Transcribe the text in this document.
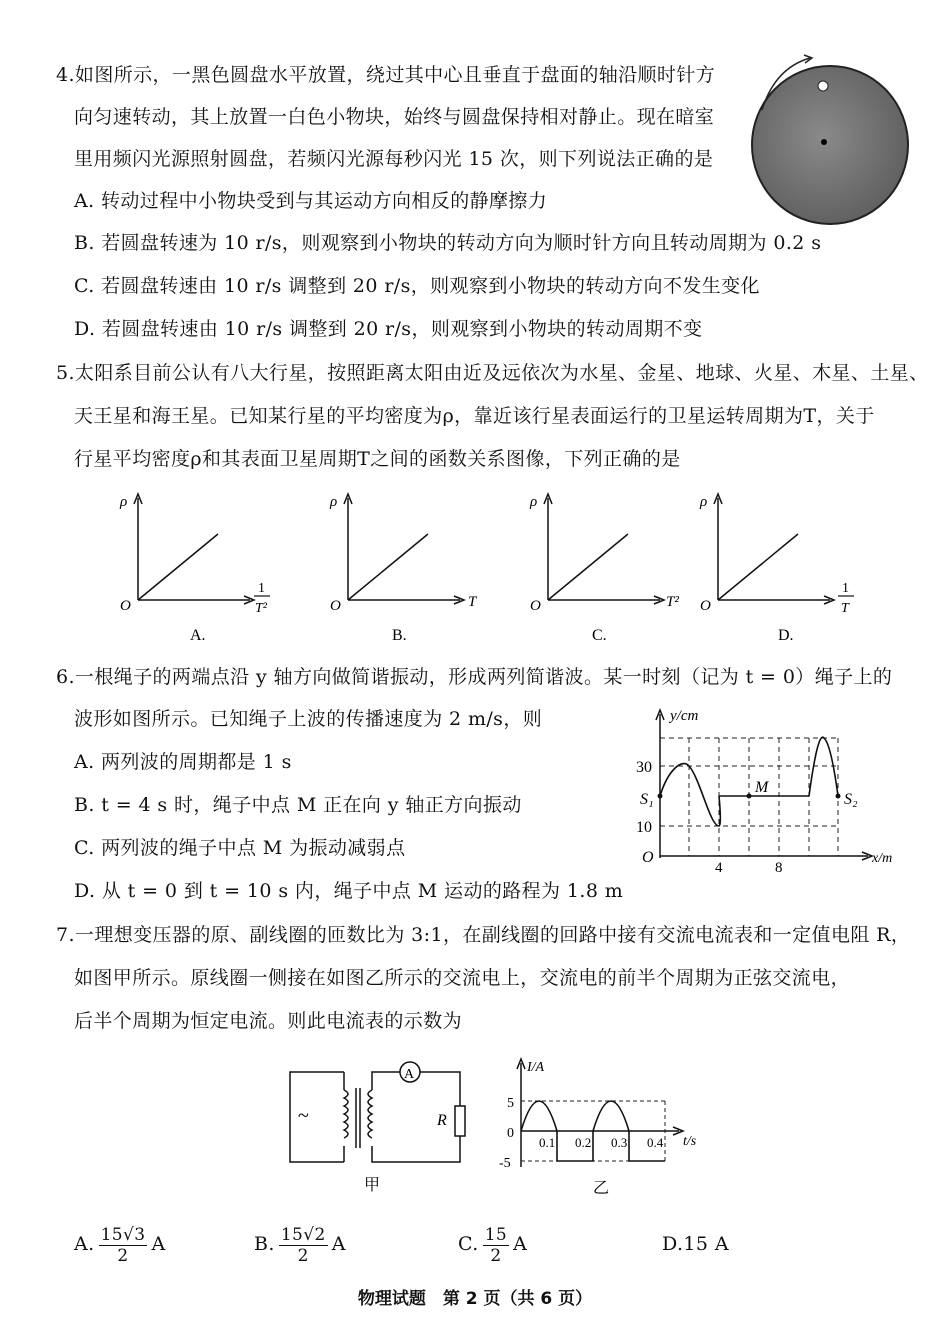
4.如图所示，一黑色圆盘水平放置，绕过其中心且垂直于盘面的轴沿顺时针方
向匀速转动，其上放置一白色小物块，始终与圆盘保持相对静止。现在暗室
里用频闪光源照射圆盘，若频闪光源每秒闪光 15 次，则下列说法正确的是
A. 转动过程中小物块受到与其运动方向相反的静摩擦力
B. 若圆盘转速为 10 r/s，则观察到小物块的转动方向为顺时针方向且转动周期为 0.2 s
C. 若圆盘转速由 10 r/s 调整到 20 r/s，则观察到小物块的转动方向不发生变化
D. 若圆盘转速由 10 r/s 调整到 20 r/s，则观察到小物块的转动周期不变
5.太阳系目前公认有八大行星，按照距离太阳由近及远依次为水星、金星、地球、火星、木星、土星、
天王星和海王星。已知某行星的平均密度为ρ，靠近该行星表面运行的卫星运转周期为T，关于
行星平均密度ρ和其表面卫星周期T之间的函数关系图像，下列正确的是
ρ
O
1
T²
A.
ρ
O	T
B.
ρ
O	T²
C.
ρ
O
1
T
D.
6.一根绳子的两端点沿 y 轴方向做简谐振动，形成两列简谐波。某一时刻（记为 t = 0）绳子上的
波形如图所示。已知绳子上波的传播速度为 2 m/s，则
A. 两列波的周期都是 1 s
B. t = 4 s 时，绳子中点 M 正在向 y 轴正方向振动
C. 两列波的绳子中点 M 为振动减弱点
D. 从 t = 0 到 t = 10 s 内，绳子中点 M 运动的路程为 1.8 m
y/cm
x/m
O
30
10
4	8
S₁	S₂
M
7.一理想变压器的原、副线圈的匝数比为 3:1，在副线圈的回路中接有交流电流表和一定值电阻 R，
如图甲所示。原线圈一侧接在如图乙所示的交流电上，交流电的前半个周期为正弦交流电，
后半个周期为恒定电流。则此电流表的示数为
A
R
~
甲
I/A
t/s
0
5
-5
0.1 0.2 0.3 0.4
乙
A. $\frac{15√3}{2}$ A	B. $\frac{15√2}{2}$ A	C. $\frac{15}{2}$ A	D.15 A
物理试题　第 2 页（共 6 页）
